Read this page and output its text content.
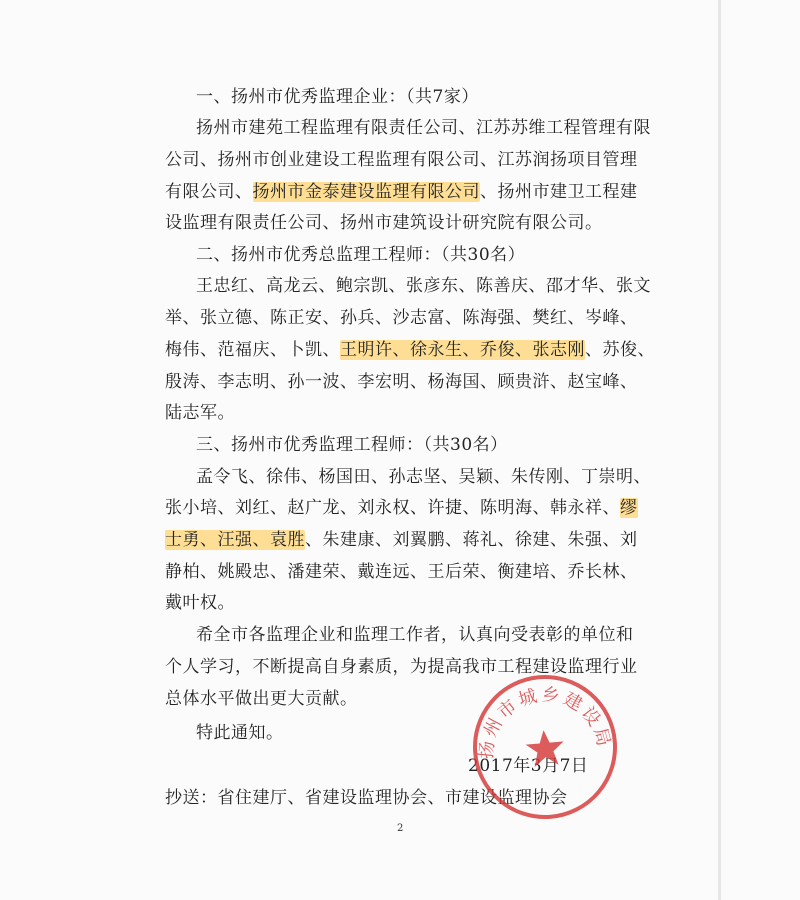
一、扬州市优秀监理企业：（共7家）
扬州市建苑工程监理有限责任公司、江苏苏维工程管理有限
公司、扬州市创业建设工程监理有限公司、江苏润扬项目管理
有限公司、扬州市金泰建设监理有限公司、扬州市建卫工程建
设监理有限责任公司、扬州市建筑设计研究院有限公司。
二、扬州市优秀总监理工程师：（共30名）
王忠红、高龙云、鲍宗凯、张彦东、陈善庆、邵才华、张文
举、张立德、陈正安、孙兵、沙志富、陈海强、樊红、岑峰、
梅伟、范福庆、卜凯、王明许、徐永生、乔俊、张志刚、苏俊、
殷涛、李志明、孙一波、李宏明、杨海国、顾贵浒、赵宝峰、
陆志军。
三、扬州市优秀监理工程师：（共30名）
孟令飞、徐伟、杨国田、孙志坚、吴颖、朱传刚、丁崇明、
张小培、刘红、赵广龙、刘永权、许捷、陈明海、韩永祥、缪
士勇、汪强、袁胜、朱建康、刘翼鹏、蒋礼、徐建、朱强、刘
静柏、姚殿忠、潘建荣、戴连远、王后荣、衡建培、乔长林、
戴叶权。
希全市各监理企业和监理工作者，认真向受表彰的单位和
个人学习，不断提高自身素质，为提高我市工程建设监理行业
总体水平做出更大贡献。
特此通知。
2017年3月7日
抄送：省住建厅、省建设监理协会、市建设监理协会
扬州市城乡建设局
2
